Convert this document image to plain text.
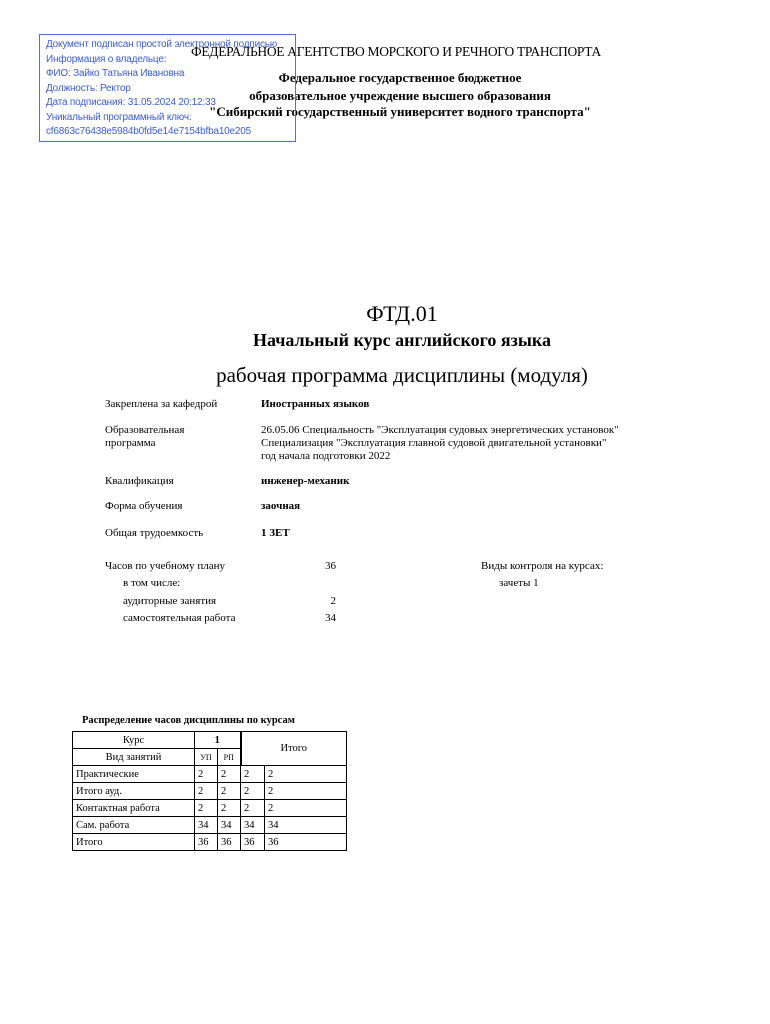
Документ подписан простой электронной подписью
Информация о владельце:
ФИО: Зайко Татьяна Ивановна
Должность: Ректор
Дата подписания: 31.05.2024 20:12:33
Уникальный программный ключ:
cf6863c76438e5984b0fd5e14e7154bfba10e205
ФЕДЕРАЛЬНОЕ АГЕНТСТВО МОРСКОГО И РЕЧНОГО ТРАНСПОРТА
Федеральное государственное бюджетное
образовательное учреждение высшего образования
"Сибирский государственный университет водного транспорта"
ФТД.01
Начальный курс английского языка
рабочая программа дисциплины (модуля)
Закреплена за кафедрой	Иностранных языков
Образовательная
программа
26.05.06 Специальность "Эксплуатация судовых энергетических установок"
Специализация "Эксплуатация главной судовой двигательной установки"
год начала подготовки 2022
Квалификация	инженер-механик
Форма обучения	заочная
Общая трудоемкость	1 ЗЕТ
Часов по учебному плану	36
в том числе:
аудиторные занятия	2
самостоятельная работа	34
Виды контроля на курсах:
зачеты 1
Распределение часов дисциплины по курсам
Курс	1		Итого	
Вид занятий	УП	РП		
Практические	2	2	2	2
Итого ауд.	2	2	2	2
Контактная работа	2	2	2	2
Сам. работа	34	34	34	34
Итого	36	36	36	36
